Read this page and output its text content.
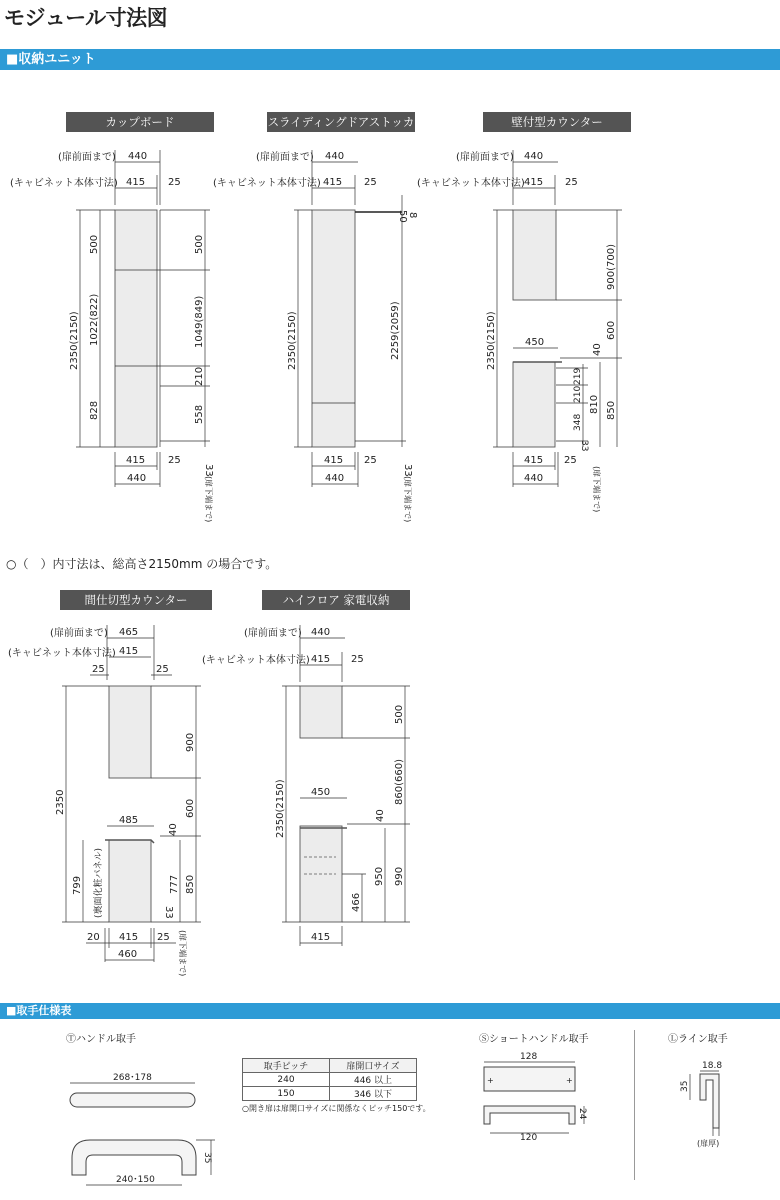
モジュール寸法図
■収納ユニット
カップボード	スライディングドアストッカー
壁付型カウンター
○（　）内寸法は、総高さ2150mm の場合です。
間仕切型カウンター	ハイフロア 家電収納
■取手仕様表
(扉前面まで)
(キャビネット本体寸法)
440
415 25
2350(2150)
500
1022(822)
828
500
1049(849)
210
558
33
(扉下端まで)
415 25
440
(扉前面まで)
(キャビネット本体寸法)
440
415 25
2350(2150)
50 8
2259(2059)
33
(扉下端まで)
415 25
440
(扉前面まで)
(キャビネット本体寸法)
440
415 25
2350(2150)	450
900(700)
600
40
850
810
219
210
348
33
(扉下端まで)
415 25
440
(扉前面まで)
(キャビネット本体寸法)
465
415
25	25
2350
799 (裏面化粧パネル)
485
900
600
40
777 850
33
(扉下端まで)
20 415 25
460
(扉前面まで)
(キャビネット本体寸法)
440
415 25
2350(2150)	450
500
860(660)
40
950 990
466
415
Ⓣハンドル取手
268･178
35
240･150
Ⓢショートハンドル取手
128
+	+
24
120
Ⓛライン取手
18.8
35
(扉厚)
取手ピッチ	扉開口サイズ
240	446 以上
150	346 以下
○開き扉は扉開口サイズに関係なくピッチ150です。
